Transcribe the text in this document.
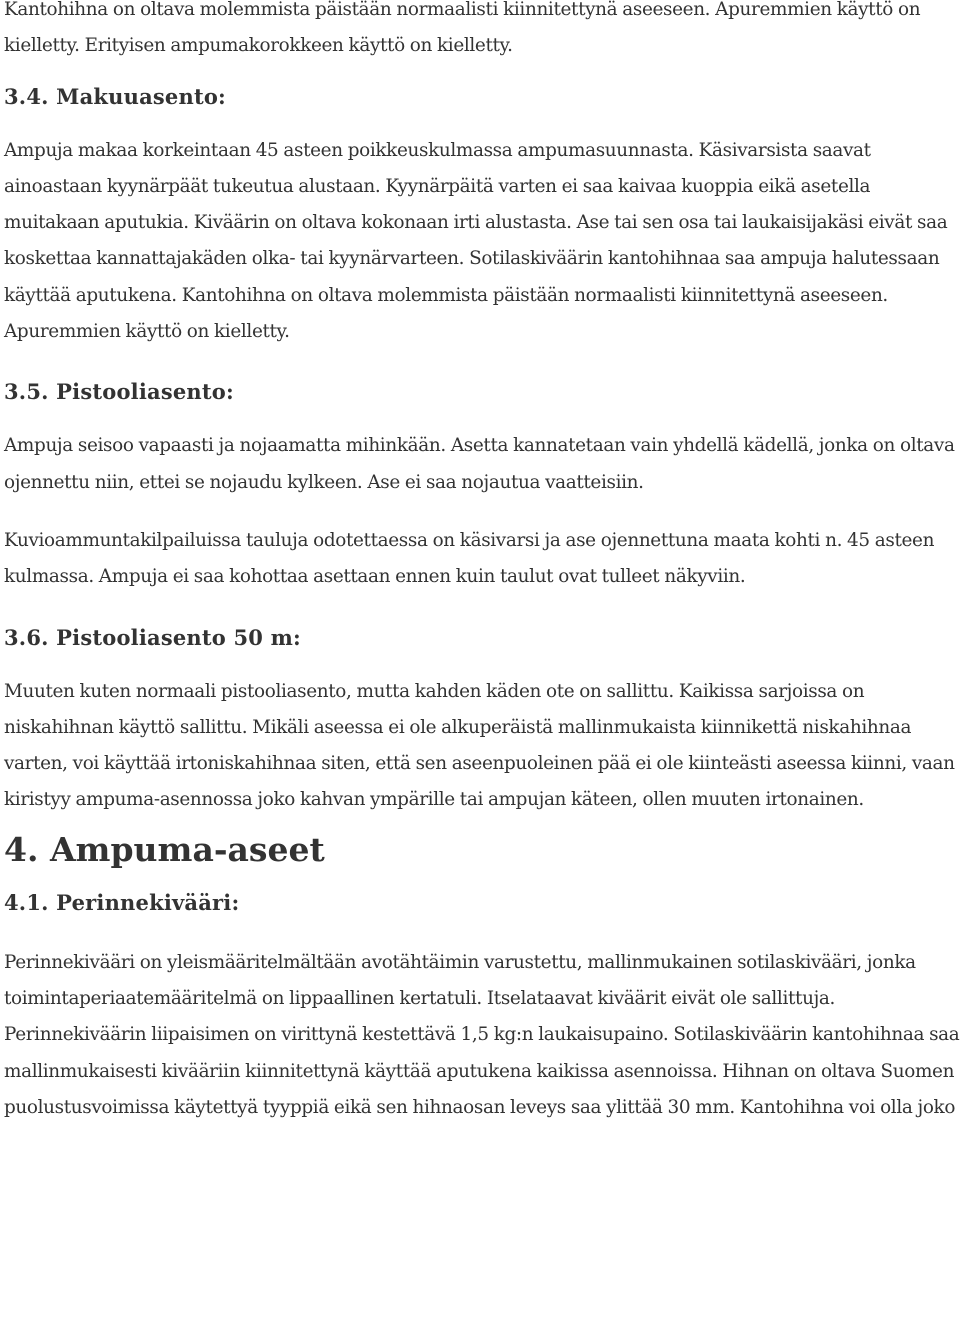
Kantohihna on oltava molemmista päistään normaalisti kiinnitettynä aseeseen. Apuremmien käyttö on kielletty. Erityisen ampumakorokkeen käyttö on kielletty.

3.4. Makuuasento:

Ampuja makaa korkeintaan 45 asteen poikkeuskulmassa ampumasuunnasta. Käsivarsista saavat ainoastaan kyynärpäät tukeutua alustaan. Kyynärpäitä varten ei saa kaivaa kuoppia eikä asetella muitakaan aputukia. Kiväärin on oltava kokonaan irti alustasta. Ase tai sen osa tai laukaisijakäsi eivät saa koskettaa kannattajakäden olka- tai kyynärvarteen. Sotilaskiväärin kantohihnaa saa ampuja halutessaan käyttää aputukena. Kantohihna on oltava molemmista päistään normaalisti kiinnitettynä aseeseen. Apuremmien käyttö on kielletty.

3.5. Pistooliasento:

Ampuja seisoo vapaasti ja nojaamatta mihinkään. Asetta kannatetaan vain yhdellä kädellä, jonka on oltava ojennettu niin, ettei se nojaudu kylkeen. Ase ei saa nojautua vaatteisiin.

Kuvioammuntakilpailuissa tauluja odotettaessa on käsivarsi ja ase ojennettuna maata kohti n. 45 asteen kulmassa. Ampuja ei saa kohottaa asettaan ennen kuin taulut ovat tulleet näkyviin.

3.6. Pistooliasento 50 m:

Muuten kuten normaali pistooliasento, mutta kahden käden ote on sallittu. Kaikissa sarjoissa on niskahihnan käyttö sallittu. Mikäli aseessa ei ole alkuperäistä mallinmukaista kiinnikettä niskahihnaa varten, voi käyttää irtoniskahihnaa siten, että sen aseenpuoleinen pää ei ole kiinteästi aseessa kiinni, vaan kiristyy ampuma-asennossa joko kahvan ympärille tai ampujan käteen, ollen muuten irtonainen.

4. Ampuma-aseet
4.1. Perinnekivääri:

Perinnekivääri on yleismääritelmältään avotähtäimin varustettu, mallinmukainen sotilaskivääri, jonka toimintaperiaatemääritelmä on lippaallinen kertatuli. Itselataavat kiväärit eivät ole sallittuja. Perinnekiväärin liipaisimen on virittynä kestettävä 1,5 kg:n laukaisupaino. Sotilaskiväärin kantohihnaa saa mallinmukaisesti kivääriin kiinnitettynä käyttää aputukena kaikissa asennoissa. Hihnan on oltava Suomen puolustusvoimissa käytettyä tyyppiä eikä sen hihnaosan leveys saa ylittää 30 mm. Kantohihna voi olla joko
